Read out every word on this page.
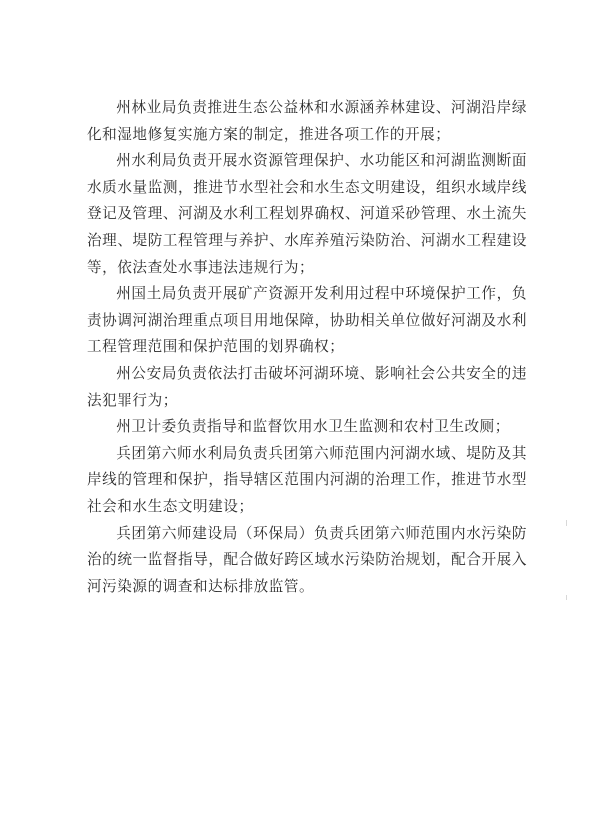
州林业局负责推进生态公益林和水源涵养林建设、河湖沿岸绿化和湿地修复实施方案的制定，推进各项工作的开展；

州水利局负责开展水资源管理保护、水功能区和河湖监测断面水质水量监测，推进节水型社会和水生态文明建设，组织水域岸线登记及管理、河湖及水利工程划界确权、河道采砂管理、水土流失治理、堤防工程管理与养护、水库养殖污染防治、河湖水工程建设等，依法查处水事违法违规行为；

州国土局负责开展矿产资源开发利用过程中环境保护工作，负责协调河湖治理重点项目用地保障，协助相关单位做好河湖及水利工程管理范围和保护范围的划界确权；

州公安局负责依法打击破坏河湖环境、影响社会公共安全的违法犯罪行为；

州卫计委负责指导和监督饮用水卫生监测和农村卫生改厕；

兵团第六师水利局负责兵团第六师范围内河湖水域、堤防及其岸线的管理和保护，指导辖区范围内河湖的治理工作，推进节水型社会和水生态文明建设；

兵团第六师建设局（环保局）负责兵团第六师范围内水污染防治的统一监督指导，配合做好跨区域水污染防治规划，配合开展入河污染源的调查和达标排放监管。
